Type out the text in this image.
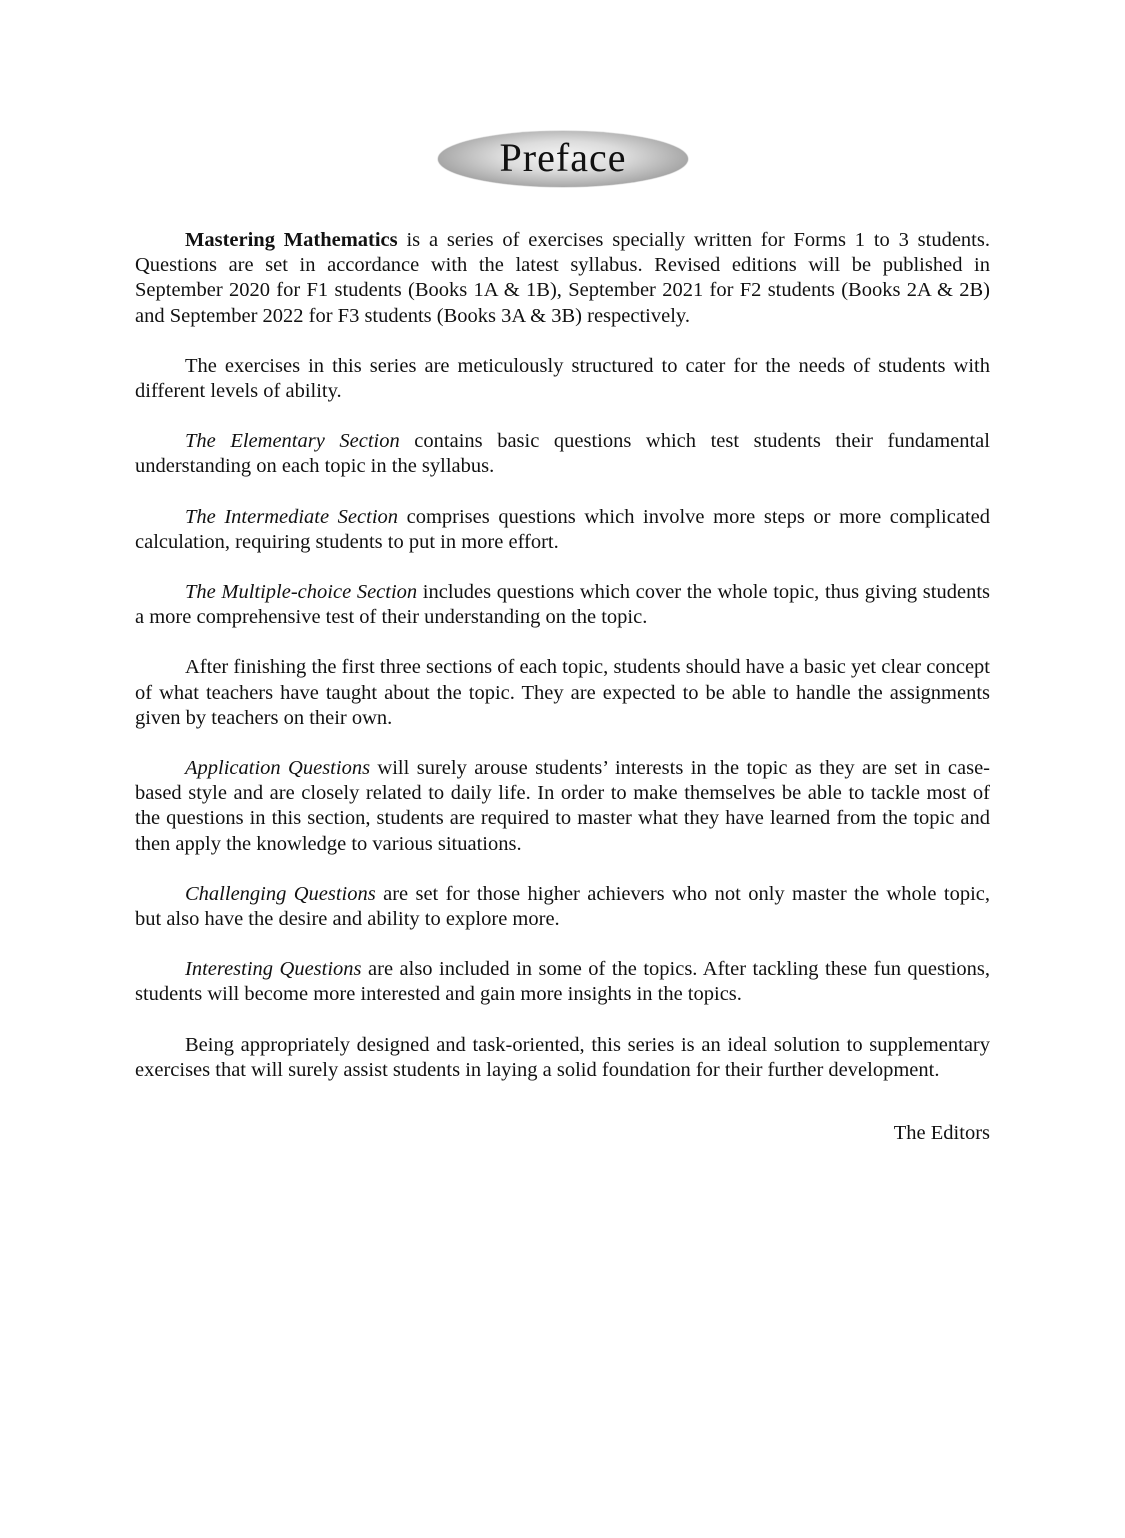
Preface

Mastering Mathematics is a series of exercises specially written for Forms 1 to 3 students. Questions are set in accordance with the latest syllabus. Revised editions will be published in September 2020 for F1 students (Books 1A & 1B), September 2021 for F2 students (Books 2A & 2B) and September 2022 for F3 students (Books 3A & 3B) respectively.

The exercises in this series are meticulously structured to cater for the needs of students with different levels of ability.

The Elementary Section contains basic questions which test students their fundamental understanding on each topic in the syllabus.

The Intermediate Section comprises questions which involve more steps or more complicated calculation, requiring students to put in more effort.

The Multiple-choice Section includes questions which cover the whole topic, thus giving students a more comprehensive test of their understanding on the topic.

After finishing the first three sections of each topic, students should have a basic yet clear concept of what teachers have taught about the topic. They are expected to be able to handle the assignments given by teachers on their own.

Application Questions will surely arouse students’ interests in the topic as they are set in case-based style and are closely related to daily life. In order to make themselves be able to tackle most of the questions in this section, students are required to master what they have learned from the topic and then apply the knowledge to various situations.

Challenging Questions are set for those higher achievers who not only master the whole topic, but also have the desire and ability to explore more.

Interesting Questions are also included in some of the topics. After tackling these fun questions, students will become more interested and gain more insights in the topics.

Being appropriately designed and task-oriented, this series is an ideal solution to supplementary exercises that will surely assist students in laying a solid foundation for their further development.

The Editors
